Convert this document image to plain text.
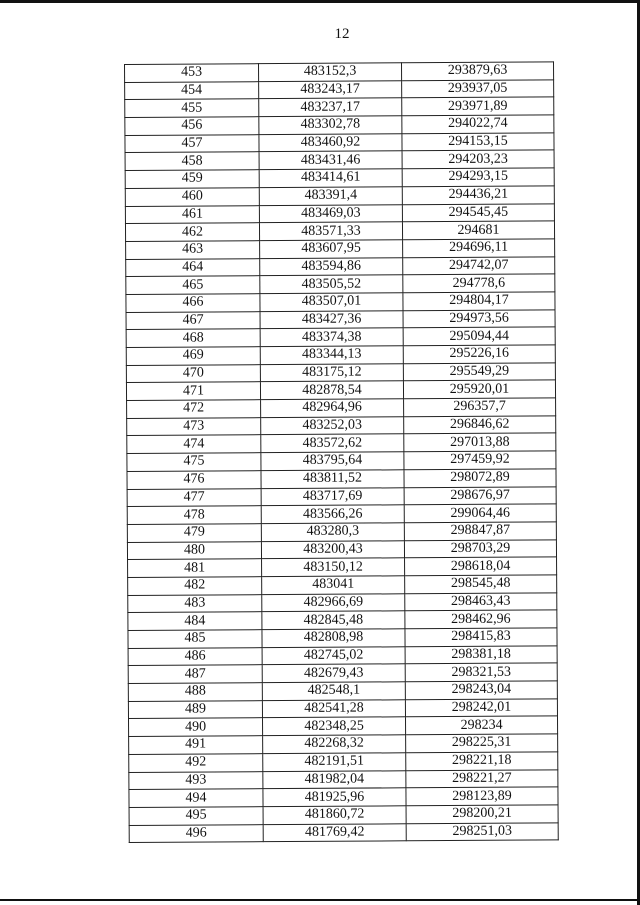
12
453	483152,3	293879,63
454	483243,17	293937,05
455	483237,17	293971,89
456	483302,78	294022,74
457	483460,92	294153,15
458	483431,46	294203,23
459	483414,61	294293,15
460	483391,4	294436,21
461	483469,03	294545,45
462	483571,33	294681
463	483607,95	294696,11
464	483594,86	294742,07
465	483505,52	294778,6
466	483507,01	294804,17
467	483427,36	294973,56
468	483374,38	295094,44
469	483344,13	295226,16
470	483175,12	295549,29
471	482878,54	295920,01
472	482964,96	296357,7
473	483252,03	296846,62
474	483572,62	297013,88
475	483795,64	297459,92
476	483811,52	298072,89
477	483717,69	298676,97
478	483566,26	299064,46
479	483280,3	298847,87
480	483200,43	298703,29
481	483150,12	298618,04
482	483041	298545,48
483	482966,69	298463,43
484	482845,48	298462,96
485	482808,98	298415,83
486	482745,02	298381,18
487	482679,43	298321,53
488	482548,1	298243,04
489	482541,28	298242,01
490	482348,25	298234
491	482268,32	298225,31
492	482191,51	298221,18
493	481982,04	298221,27
494	481925,96	298123,89
495	481860,72	298200,21
496	481769,42	298251,03
